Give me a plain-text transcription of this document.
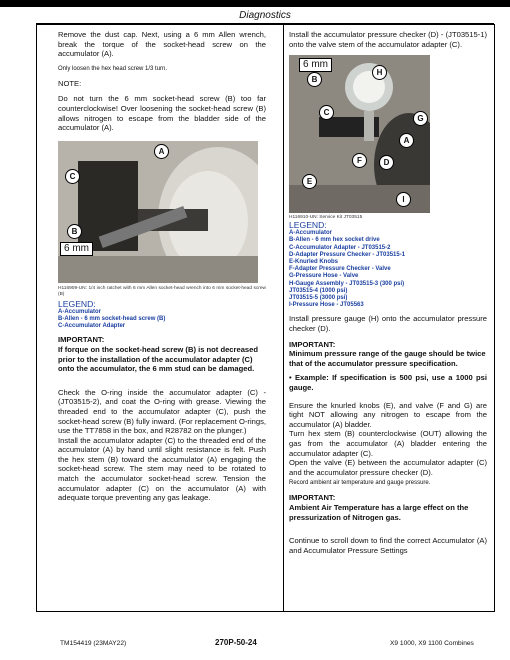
Diagnostics

Remove the dust cap. Next, using a 6 mm Allen wrench, break the torque of the socket-head screw on the accumulator (A).

Only loosen the hex head screw 1/3 turn.

NOTE:

Do not turn the 6 mm socket-head screw (B) too far counterclockwise! Over loosening the socket-head screw (B) allows nitrogen to escape from the bladder side of the accumulator (A).

A
C
B
6 mm

H116909-UN: 1/4 inch ratchet with 6 mm Allen socket-head wrench into 6 mm socket-head screw (B)

LEGEND:

A-Accumulator
B-Allen - 6 mm socket-head screw (B)
C-Accumulator Adapter
IMPORTANT:
If forque on the socket-head screw (B) is not decreased prior to the installation of the accumulator adapter (C) onto the accumulator, the 6 mm stud can be damaged.

Check the O-ring inside the accumulator adapter (C) - (JT03515-2), and coat the O-ring with grease. Viewing the threaded end to the accumulator adapter (C), push the socket-head screw (B) fully inward. (For replacement O-rings, use the TT7858 in the box, and R28782 on the plunger.)

Install the accumulator adapter (C) to the threaded end of the accumulator (A) by hand until slight resistance is felt. Push the hex stem (B) toward the accumulator (A) engaging the socket-head screw. The stem may need to be rotated to match the accumulator socket-head screw. Tension the accumulator adapter (C) on the accumulator (A) with adequate torque preventing any gas leakage.

Install the accumulator pressure checker (D) - (JT03515-1) onto the valve stem of the accumulator adapter (C).

6 mm
B
H
C
G
A
F	D
E
I

H116910-UN: Service Kit JT03515

LEGEND:

A-Accumulator
B-Allen - 6 mm hex socket drive
C-Accumulator Adapter - JT03515-2
D-Adapter Pressure Checker - JT03515-1
E-Knurled Knobs
F-Adapter Pressure Checker - Valve
G-Pressure Hose - Valve
H-Gauge Assembly - JT03515-3 (300 psi)
JT03515-4 (1000 psi)
JT03515-5 (3000 psi)
I-Pressure Hose - JT05563

Install pressure gauge (H) onto the accumulator pressure checker (D).

IMPORTANT:
Minimum pressure range of the gauge should be twice that of the accumulator pressure specification.

• Example: If specification is 500 psi, use a 1000 psi gauge.

Ensure the knurled knobs (E), and valve (F and G) are tight NOT allowing any nitrogen to escape from the accumulator (A) bladder.

Turn hex stem (B) counterclockwise (OUT) allowing the gas from the accumulator (A) bladder entering the accumulator adapter (C).

Open the valve (E) between the accumulator adapter (C) and the accumulator pressure checker (D).

Record ambient air temperature and gauge pressure.

IMPORTANT:
Ambient Air Temperature has a large effect on the pressurization of Nitrogen gas.

Continue to scroll down to find the correct Accumulator (A) and Accumulator Pressure Settings

TM154419 (23MAY22)	270P-50-24	X9 1000, X9 1100 Combines
